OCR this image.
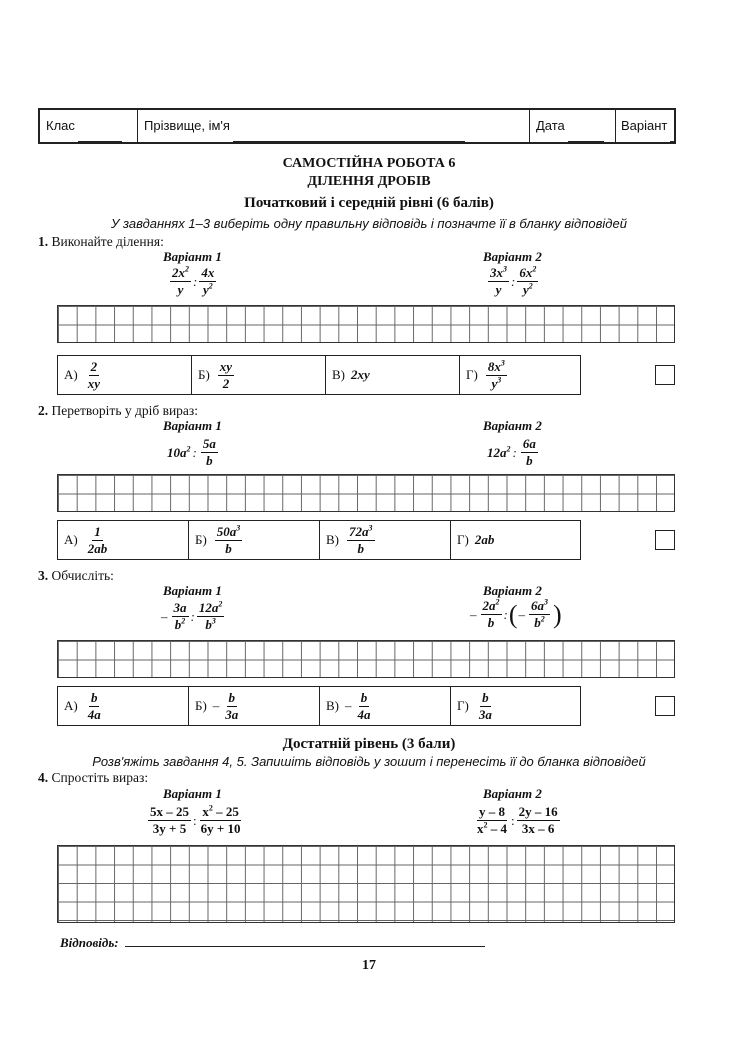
Клас	Прізвище, ім'я	Дата	Варіант
САМОСТІЙНА РОБОТА 6
ДІЛЕННЯ ДРОБІВ
Початковий і середній рівні (6 балів)
У завданнях 1–3 виберіть одну правильну відповідь і позначте її в бланку відповідей
1. Виконайте ділення:
Варіант 1	Варіант 2
$\frac{2x^2}{y}$ : $\frac{4x}{y^2}$	$\frac{3x^3}{y}$ : $\frac{6x^2}{y^2}$
$А) \frac{2}{xy}$	$Б) \frac{xy}{2}$	В) 2xy	$Г) \frac{8x^3}{y^3}$
2. Перетворіть у дріб вираз:
Варіант 1	Варіант 2
$10a^2$ : $\frac{5a}{b}$	$12a^2$ : $\frac{6a}{b}$
$А) \frac{1}{2ab}$	$Б) \frac{50a^3}{b}$	$В) \frac{72a^3}{b}$	Г) 2ab
3. Обчисліть:
Варіант 1	Варіант 2
– $\frac{3a}{b^2}$ : $\frac{12a^2}{b^3}$	– $\frac{2a^2}{b}$ : ( – $\frac{6a^3}{b^2}$ )
$А) \frac{b}{4a}$	$Б) - \frac{b}{3a}$	$В) - \frac{b}{4a}$	$Г) \frac{b}{3a}$
Достатній рівень (3 бали)
Розв'яжіть завдання 4, 5. Запишіть відповідь у зошит і перенесіть її до бланка відповідей
4. Спростіть вираз:
Варіант 1	Варіант 2
$\frac{5x - 25}{3y + 5}$ : $\frac{x^2 - 25}{6y + 10}$	$\frac{y - 8}{x^2 - 4}$ : $\frac{2y - 16}{3x - 6}$
Відповідь:
17
